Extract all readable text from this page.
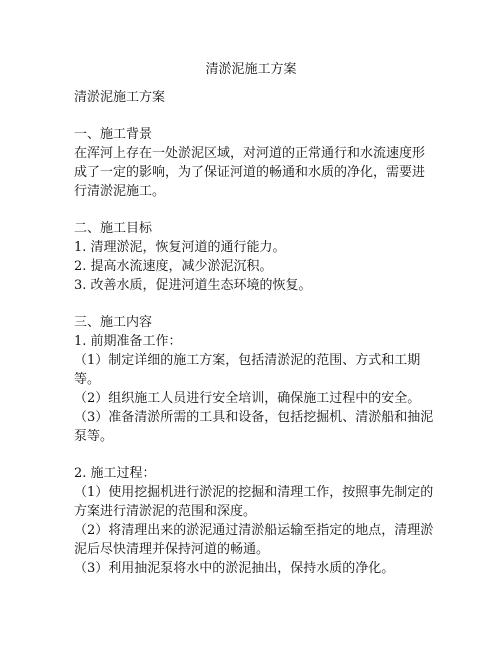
清淤泥施工方案

清淤泥施工方案

一、施工背景

在浑河上存在一处淤泥区域，对河道的正常通行和水流速度形成了一定的影响，为了保证河道的畅通和水质的净化，需要进行清淤泥施工。

二、施工目标

1. 清理淤泥，恢复河道的通行能力。

2. 提高水流速度，减少淤泥沉积。

3. 改善水质，促进河道生态环境的恢复。

三、施工内容

1. 前期准备工作：

（1）制定详细的施工方案，包括清淤泥的范围、方式和工期等。

（2）组织施工人员进行安全培训，确保施工过程中的安全。

（3）准备清淤所需的工具和设备，包括挖掘机、清淤船和抽泥泵等。

2. 施工过程：

（1）使用挖掘机进行淤泥的挖掘和清理工作，按照事先制定的方案进行清淤泥的范围和深度。

（2）将清理出来的淤泥通过清淤船运输至指定的地点，清理淤泥后尽快清理并保持河道的畅通。

（3）利用抽泥泵将水中的淤泥抽出，保持水质的净化。
